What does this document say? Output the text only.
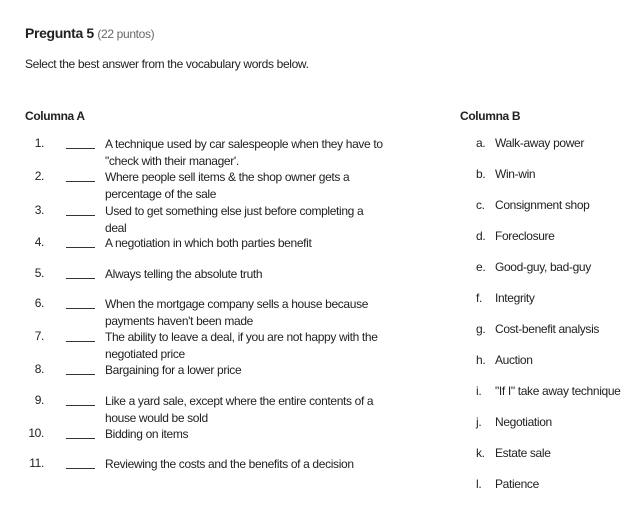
Pregunta 5 (22 puntos)
Select the best answer from the vocabulary words below.
Columna A	Columna B
1.	A technique used by car salespeople when they have to "check with their manager'.
2.	Where people sell items & the shop owner gets a percentage of the sale
3.	Used to get something else just before completing a deal
4.	A negotiation in which both parties benefit
5.	Always telling the absolute truth
6.	When the mortgage company sells a house because payments haven't been made
7.	The ability to leave a deal, if you are not happy with the negotiated price
8.	Bargaining for a lower price
9.	Like a yard sale, except where the entire contents of a house would be sold
10.	Bidding on items
11.	Reviewing the costs and the benefits of a decision
a. Walk-away power
b. Win-win
c. Consignment shop
d. Foreclosure
e. Good-guy, bad-guy
f. Integrity
g. Cost-benefit analysis
h. Auction
i. "If I" take away technique
j. Negotiation
k. Estate sale
l. Patience
